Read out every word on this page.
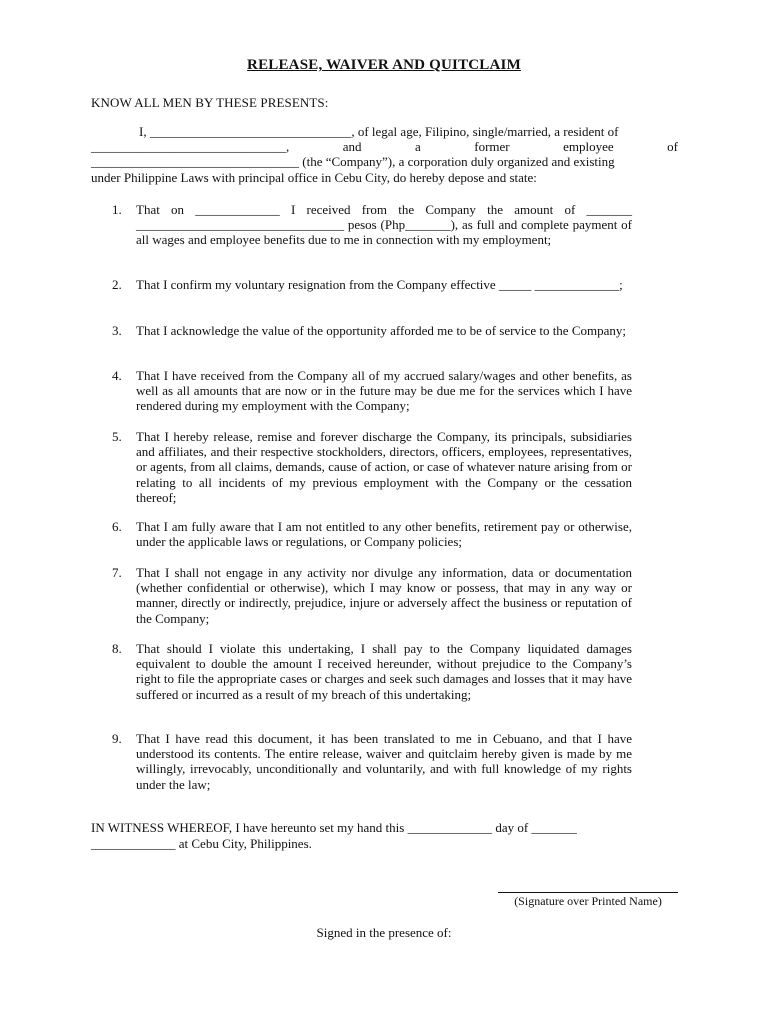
RELEASE, WAIVER AND QUITCLAIM
KNOW ALL MEN BY THESE PRESENTS:
I, _______________________________, of legal age, Filipino, single/married, a resident of
______________________________,	and	a	former	employee	of
________________________________ (the “Company”), a corporation duly organized and existing
under Philippine Laws with principal office in Cebu City, do hereby depose and state:
1.	That on _____________ I received from the Company the amount of _______ ________________________________ pesos (Php_______), as full and complete payment of all wages and employee benefits due to me in connection with my employment;
2.	That I confirm my voluntary resignation from the Company effective _____ _____________;
3.	That I acknowledge the value of the opportunity afforded me to be of service to the Company;
4.	That I have received from the Company all of my accrued salary/wages and other benefits, as well as all amounts that are now or in the future may be due me for the services which I have rendered during my employment with the Company;
5.	That I hereby release, remise and forever discharge the Company, its principals, subsidiaries and affiliates, and their respective stockholders, directors, officers, employees, representatives, or agents, from all claims, demands, cause of action, or case of whatever nature arising from or relating to all incidents of my previous employment with the Company or the cessation thereof;
6.	That I am fully aware that I am not entitled to any other benefits, retirement pay or otherwise, under the applicable laws or regulations, or Company policies;
7.	That I shall not engage in any activity nor divulge any information, data or documentation (whether confidential or otherwise), which I may know or possess, that may in any way or manner, directly or indirectly, prejudice, injure or adversely affect the business or reputation of the Company;
8.	That should I violate this undertaking, I shall pay to the Company liquidated damages equivalent to double the amount I received hereunder, without prejudice to the Company’s right to file the appropriate cases or charges and seek such damages and losses that it may have suffered or incurred as a result of my breach of this undertaking;
9.	That I have read this document, it has been translated to me in Cebuano, and that I have understood its contents. The entire release, waiver and quitclaim hereby given is made by me willingly, irrevocably, unconditionally and voluntarily, and with full knowledge of my rights under the law;
IN WITNESS WHEREOF, I have hereunto set my hand this _____________ day of _______ _____________ at Cebu City, Philippines.
(Signature over Printed Name)
Signed in the presence of:
